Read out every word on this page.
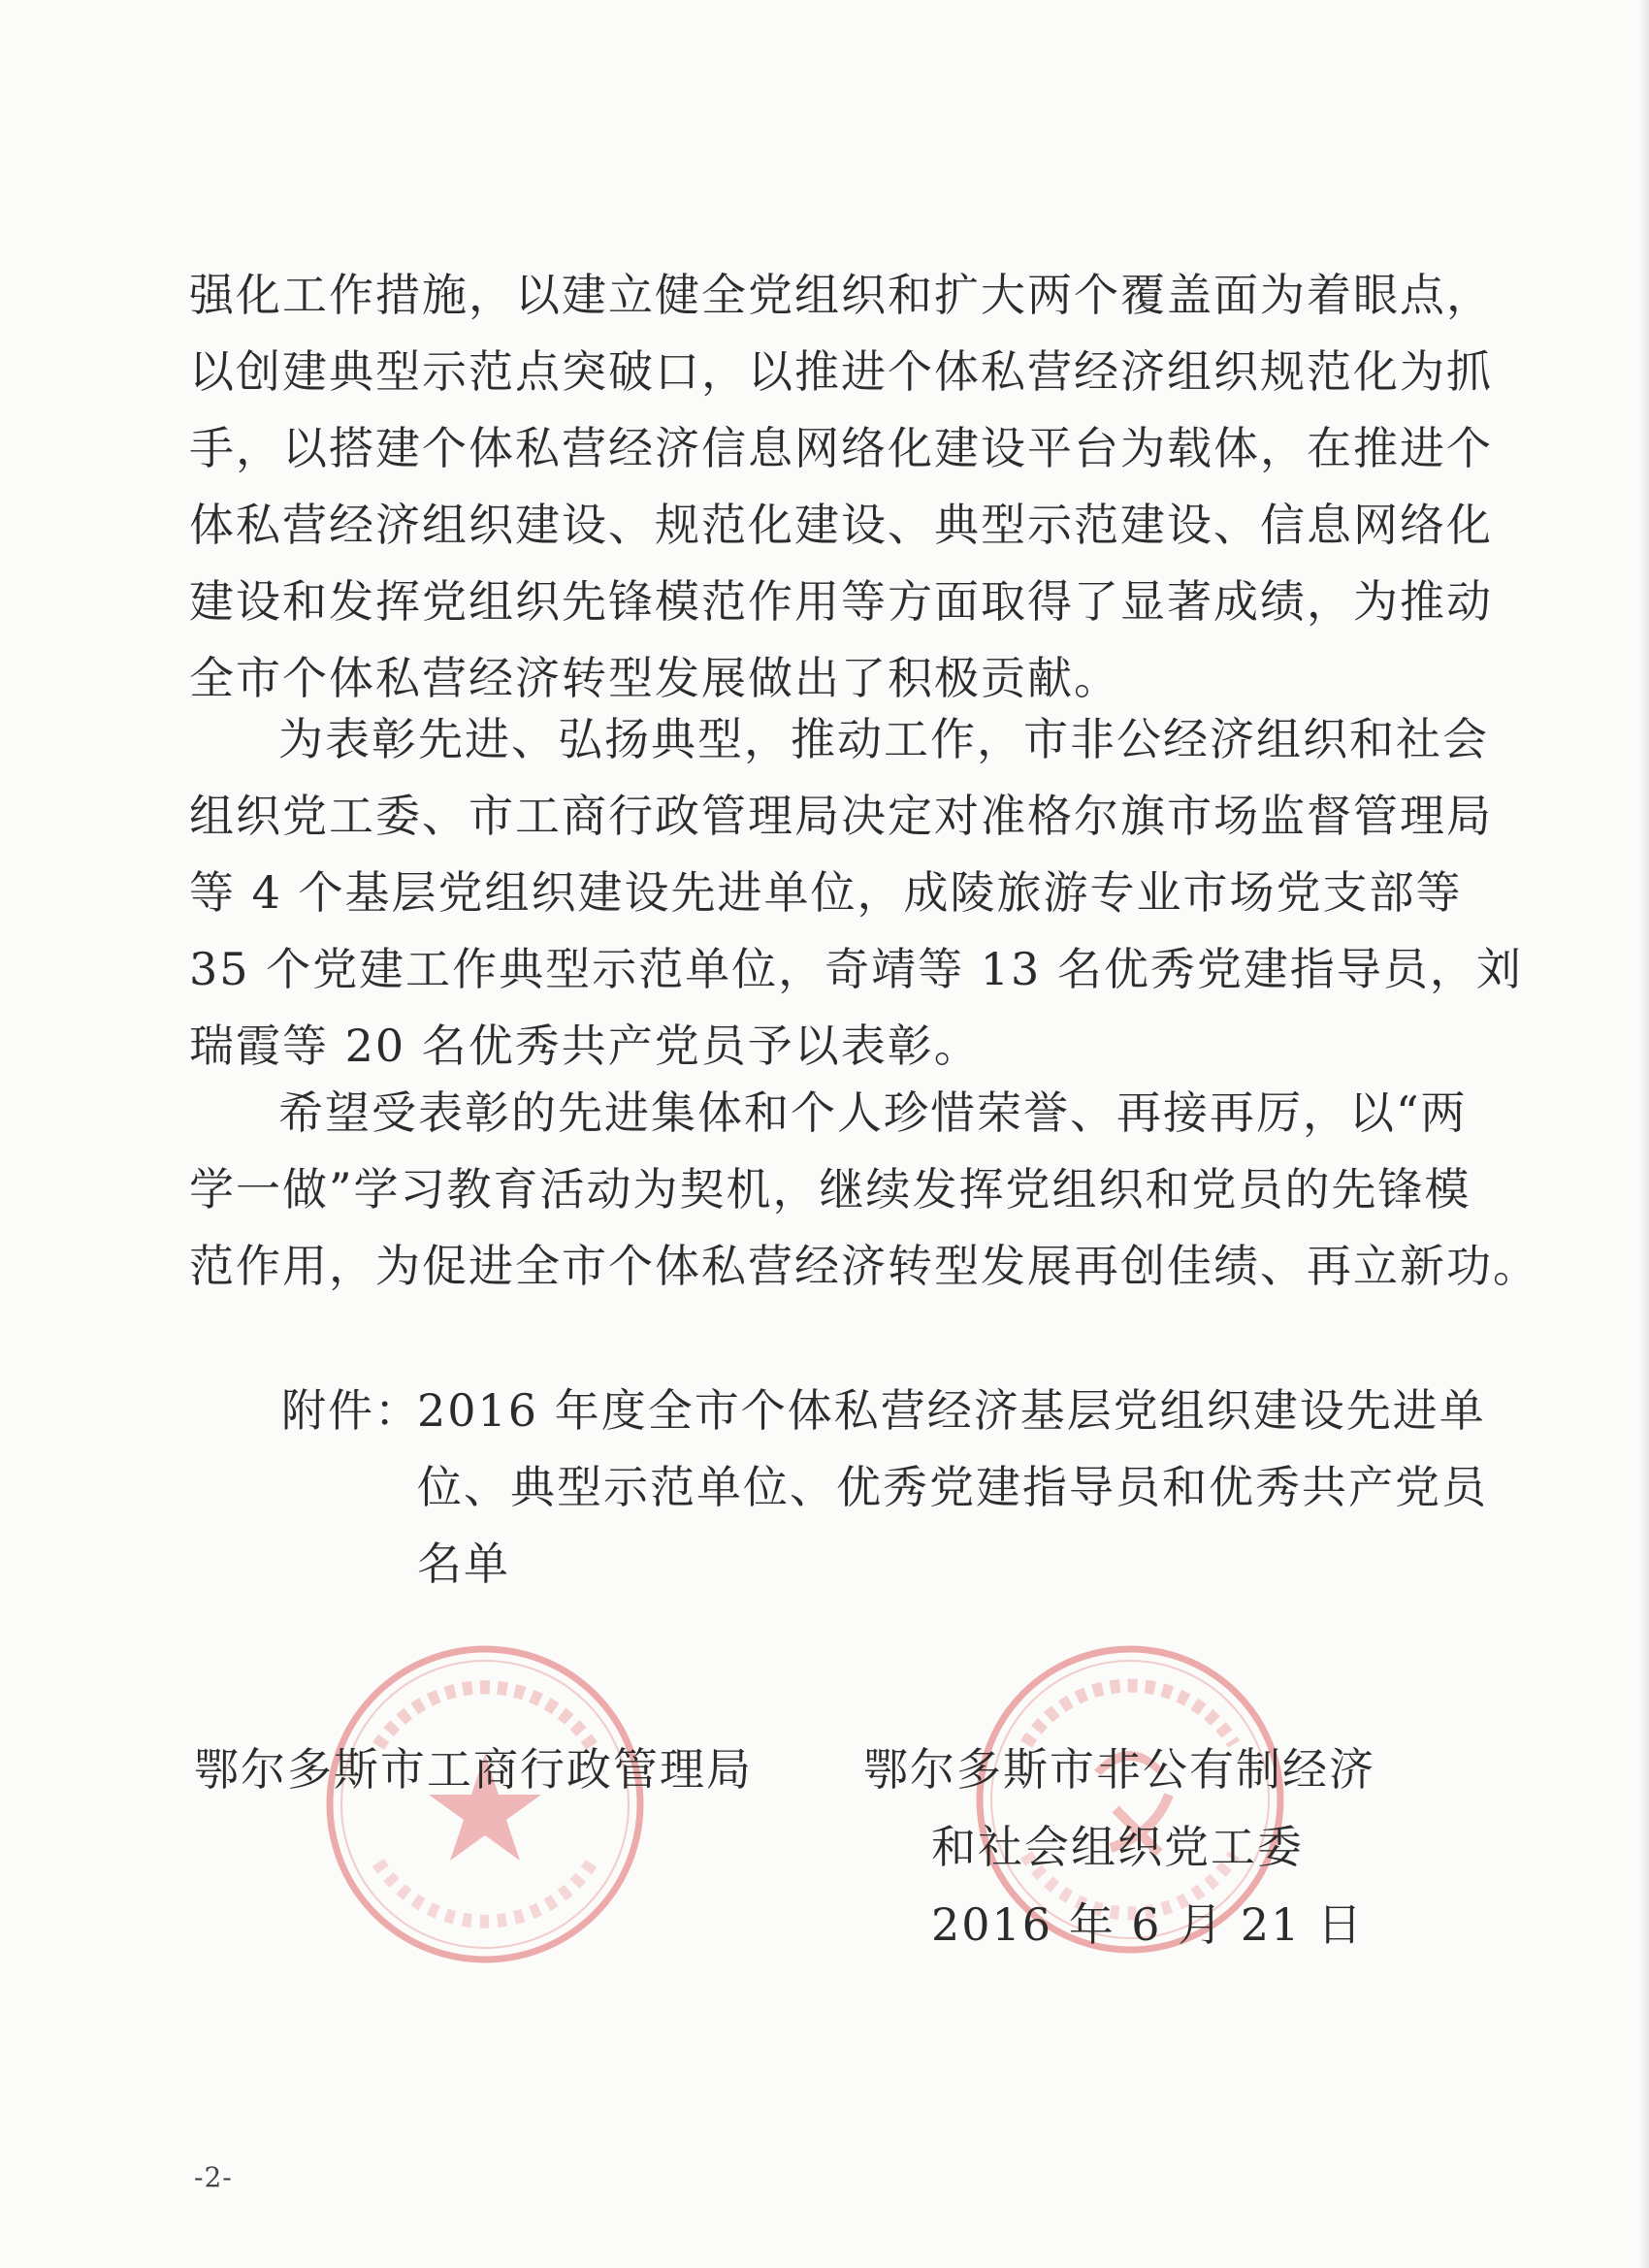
强化工作措施，以建立健全党组织和扩大两个覆盖面为着眼点，
以创建典型示范点突破口，以推进个体私营经济组织规范化为抓
手，以搭建个体私营经济信息网络化建设平台为载体，在推进个
体私营经济组织建设、规范化建设、典型示范建设、信息网络化
建设和发挥党组织先锋模范作用等方面取得了显著成绩，为推动
全市个体私营经济转型发展做出了积极贡献。
为表彰先进、弘扬典型，推动工作，市非公经济组织和社会
组织党工委、市工商行政管理局决定对准格尔旗市场监督管理局
等 4 个基层党组织建设先进单位，成陵旅游专业市场党支部等
35 个党建工作典型示范单位，奇靖等 13 名优秀党建指导员，刘
瑞霞等 20 名优秀共产党员予以表彰。
希望受表彰的先进集体和个人珍惜荣誉、再接再厉，以“两
学一做”学习教育活动为契机，继续发挥党组织和党员的先锋模
范作用，为促进全市个体私营经济转型发展再创佳绩、再立新功。
附件：
2016 年度全市个体私营经济基层党组织建设先进单
位、典型示范单位、优秀党建指导员和优秀共产党员
名单
鄂尔多斯市工商行政管理局 鄂尔多斯市非公有制经济
和社会组织党工委
2016 年 6 月 21 日
-2-
